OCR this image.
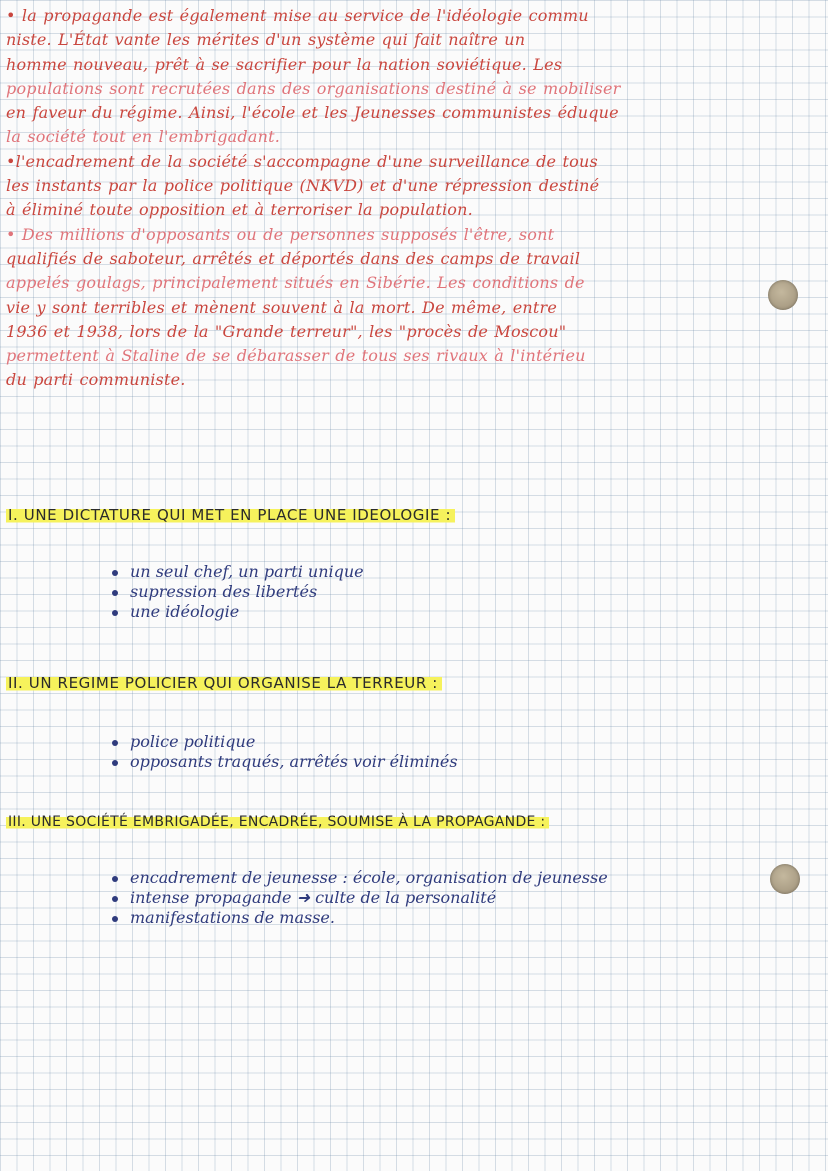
• la propagande est également mise au service de l'idéologie commu
niste. L'État vante les mérites d'un système qui fait naître un
homme nouveau, prêt à se sacrifier pour la nation soviétique. Les
populations sont recrutées dans des organisations destiné à se mobiliser
en faveur du régime. Ainsi, l'école et les Jeunesses communistes éduque
la société tout en l'embrigadant.
•l'encadrement de la société s'accompagne d'une surveillance de tous
les instants par la police politique (NKVD) et d'une répression destiné
à éliminé toute opposition et à terroriser la population.
• Des millions d'opposants ou de personnes supposés l'être, sont
qualifiés de saboteur, arrêtés et déportés dans des camps de travail
appelés goulags, principalement situés en Sibérie. Les conditions de
vie y sont terribles et mènent souvent à la mort. De même, entre
1936 et 1938, lors de la "Grande terreur", les "procès de Moscou"
permettent à Staline de se débarasser de tous ses rivaux à l'intérieu
du parti communiste.
I. UNE DICTATURE QUI MET EN PLACE UNE IDEOLOGIE :
un seul chef, un parti unique
supression des libertés
une idéologie
II. UN REGIME POLICIER QUI ORGANISE LA TERREUR :
police politique
opposants traqués, arrêtés voir éliminés
III. UNE SOCIÉTÉ EMBRIGADÉE, ENCADRÉE, SOUMISE À LA PROPAGANDE :
encadrement de jeunesse : école, organisation de jeunesse
intense propagande ➜ culte de la personalité
manifestations de masse.
